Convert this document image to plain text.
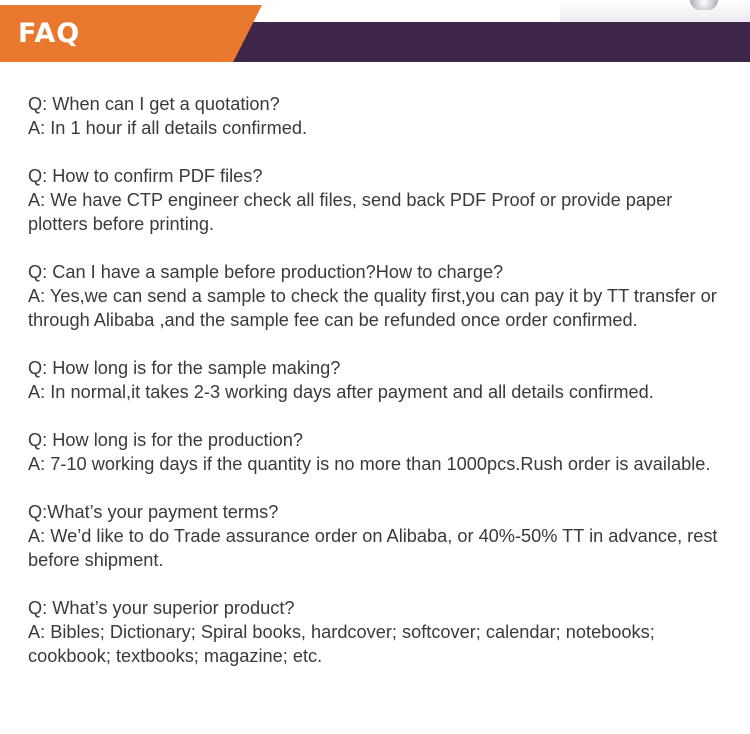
FAQ

Q: When can I get a quotation?

A: In 1 hour if all details confirmed.

Q: How to confirm PDF files?

A: We have CTP engineer check all files, send back PDF Proof or provide paper plotters before printing.

Q: Can I have a sample before production?How to charge?

A: Yes,we can send a sample to check the quality first,you can pay it by TT transfer or through Alibaba ,and the sample fee can be refunded once order confirmed.

Q: How long is for the sample making?

A: In normal,it takes 2-3 working days after payment and all details confirmed.

Q: How long is for the production?

A: 7-10 working days if the quantity is no more than 1000pcs.Rush order is available.

Q:What’s your payment terms?

A: We’d like to do Trade assurance order on Alibaba, or 40%-50% TT in advance, rest before shipment.

Q: What’s your superior product?

A: Bibles; Dictionary; Spiral books, hardcover; softcover; calendar; notebooks; cookbook; textbooks; magazine; etc.
